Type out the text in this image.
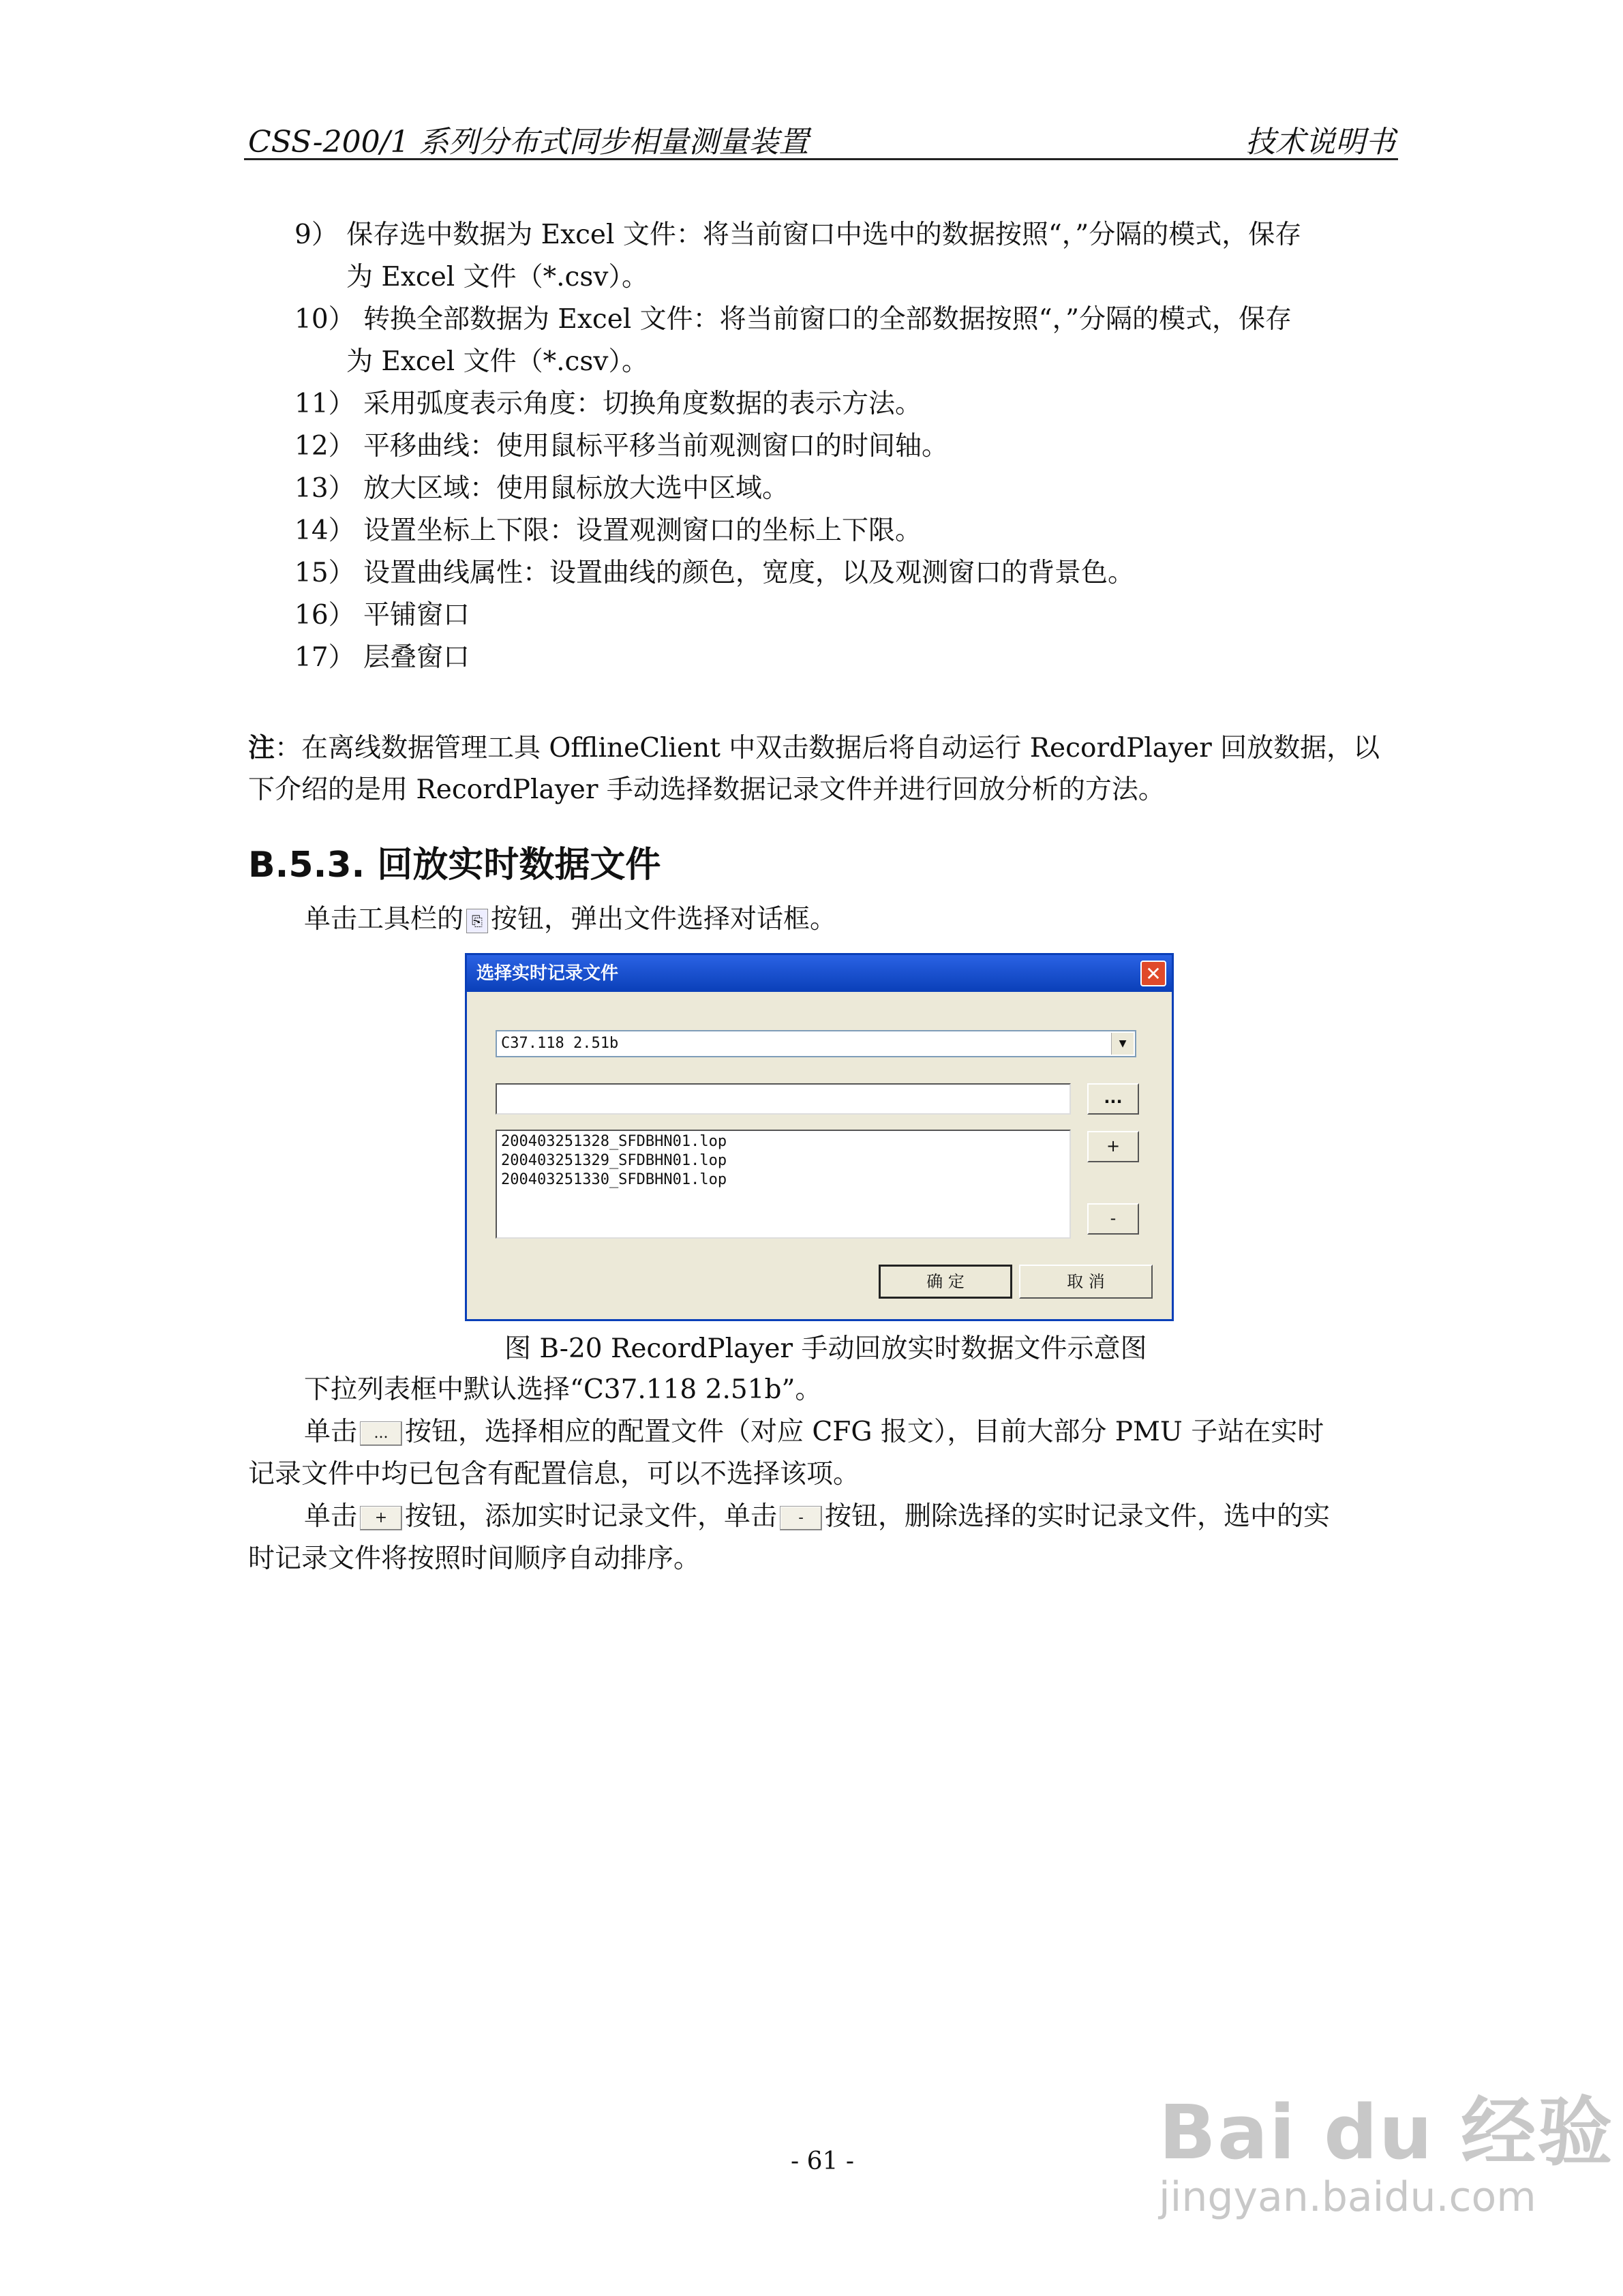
CSS-200/1 系列分布式同步相量测量装置	技术说明书
9） 保存选中数据为 Excel 文件：将当前窗口中选中的数据按照“，”分隔的模式，保存
为 Excel 文件（*.csv）。
10） 转换全部数据为 Excel 文件：将当前窗口的全部数据按照“，”分隔的模式，保存
为 Excel 文件（*.csv）。
11） 采用弧度表示角度：切换角度数据的表示方法。
12） 平移曲线：使用鼠标平移当前观测窗口的时间轴。
13） 放大区域：使用鼠标放大选中区域。
14） 设置坐标上下限：设置观测窗口的坐标上下限。
15） 设置曲线属性：设置曲线的颜色，宽度，以及观测窗口的背景色。
16） 平铺窗口
17） 层叠窗口
注：在离线数据管理工具 OfflineClient 中双击数据后将自动运行 RecordPlayer 回放数据，以
下介绍的是用 RecordPlayer 手动选择数据记录文件并进行回放分析的方法。
B.5.3. 回放实时数据文件
单击工具栏的 ⎘ 按钮，弹出文件选择对话框。
选择实时记录文件	✕
C37.118 2.51b	▼
...
200403251328_SFDBHN01.lop
200403251329_SFDBHN01.lop
200403251330_SFDBHN01.lop
+
-
确 定	取 消
图 B-20 RecordPlayer 手动回放实时数据文件示意图
下拉列表框中默认选择“C37.118 2.51b”。
单击 ... 按钮，选择相应的配置文件（对应 CFG 报文），目前大部分 PMU 子站在实时
记录文件中均已包含有配置信息，可以不选择该项。
单击 + 按钮，添加实时记录文件，单击 - 按钮，删除选择的实时记录文件，选中的实
时记录文件将按照时间顺序自动排序。
- 61 -	Bai du 经验
jingyan.baidu.com
